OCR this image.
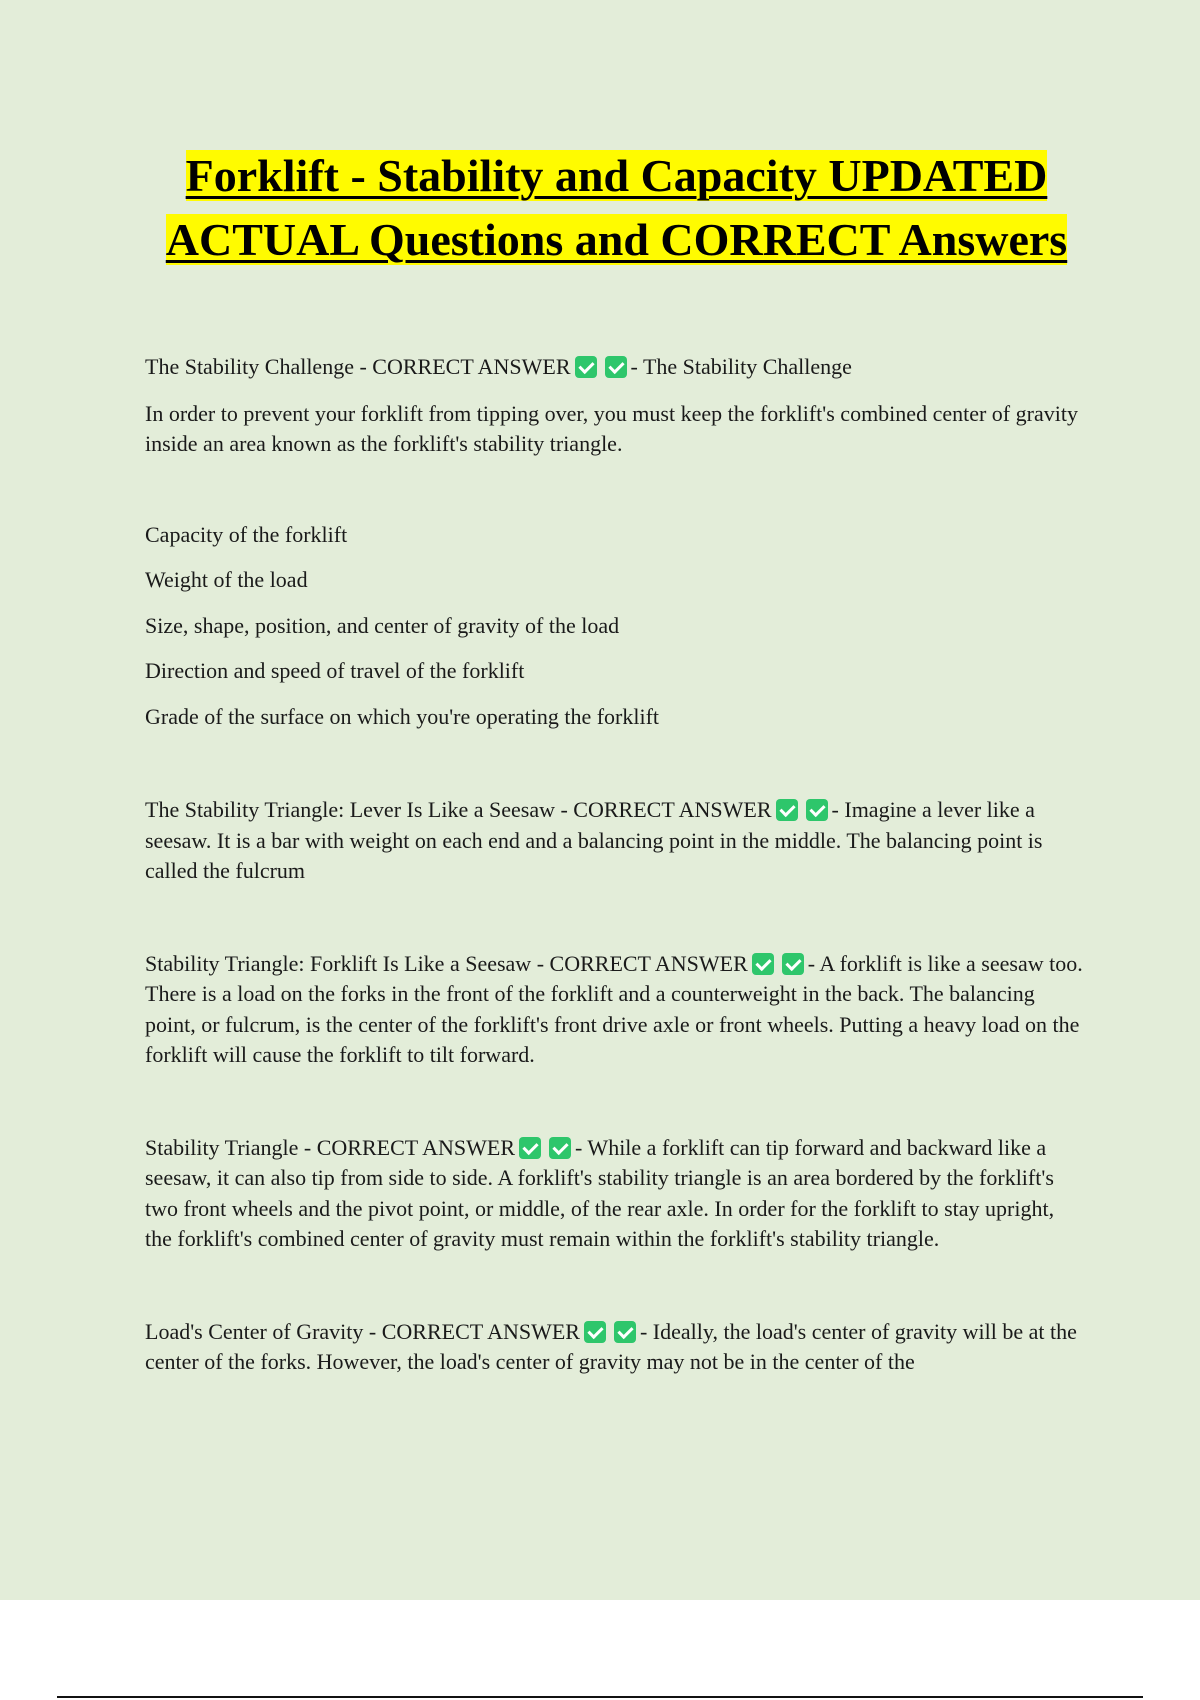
Forklift - Stability and Capacity UPDATED ACTUAL Questions and CORRECT Answers

The Stability Challenge - CORRECT ANSWER	- The Stability Challenge

In order to prevent your forklift from tipping over, you must keep the forklift's combined center of gravity inside an area known as the forklift's stability triangle.

Capacity of the forklift

Weight of the load

Size, shape, position, and center of gravity of the load

Direction and speed of travel of the forklift

Grade of the surface on which you're operating the forklift

The Stability Triangle: Lever Is Like a Seesaw - CORRECT ANSWER	- Imagine a lever like a seesaw. It is a bar with weight on each end and a balancing point in the middle. The balancing point is called the fulcrum

Stability Triangle: Forklift Is Like a Seesaw - CORRECT ANSWER	- A forklift is like a seesaw too. There is a load on the forks in the front of the forklift and a counterweight in the back. The balancing point, or fulcrum, is the center of the forklift's front drive axle or front wheels. Putting a heavy load on the forklift will cause the forklift to tilt forward.

Stability Triangle - CORRECT ANSWER	- While a forklift can tip forward and backward like a seesaw, it can also tip from side to side. A forklift's stability triangle is an area bordered by the forklift's two front wheels and the pivot point, or middle, of the rear axle. In order for the forklift to stay upright, the forklift's combined center of gravity must remain within the forklift's stability triangle.

Load's Center of Gravity - CORRECT ANSWER	- Ideally, the load's center of gravity will be at the center of the forks. However, the load's center of gravity may not be in the center of the
